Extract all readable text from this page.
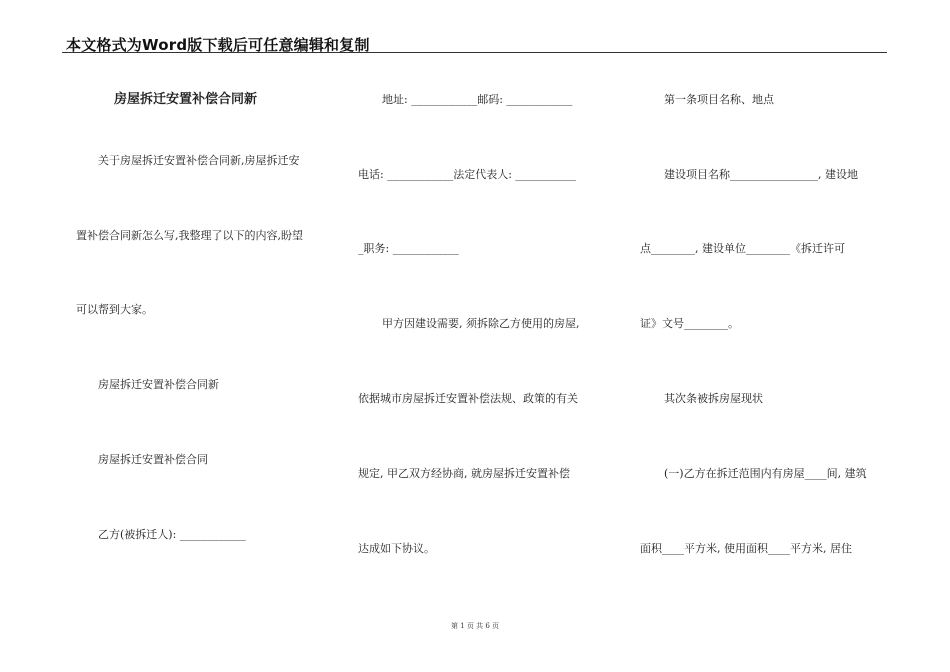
本文格式为Word版下载后可任意编辑和复制
房屋拆迁安置补偿合同新
关于房屋拆迁安置补偿合同新,房屋拆迁安
置补偿合同新怎么写,我整理了以下的内容,盼望
可以帮到大家。
房屋拆迁安置补偿合同新
房屋拆迁安置补偿合同
乙方(被拆迁人): ____________
地址: ____________邮码: ____________
电话: ____________法定代表人: ___________
_职务: ____________
甲方因建设需要, 须拆除乙方使用的房屋,
依据城市房屋拆迁安置补偿法规、政策的有关
规定, 甲乙双方经协商, 就房屋拆迁安置补偿
达成如下协议。
第一条项目名称、地点
建设项目名称________________, 建设地
点________, 建设单位________《拆迁许可
证》文号________。
其次条被拆房屋现状
(一)乙方在拆迁范围内有房屋____间, 建筑
面积____平方米, 使用面积____平方米, 居住
第 1 页 共 6 页
